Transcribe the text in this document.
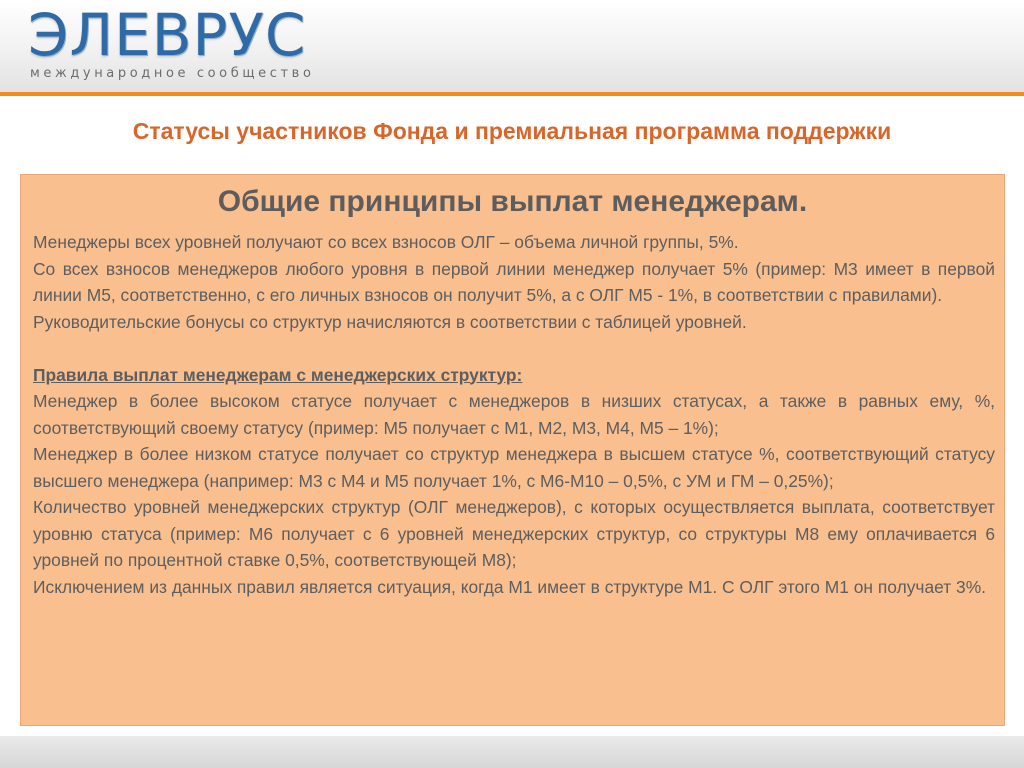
ЭЛЕВРУС
международное сообщество
Статусы участников Фонда и премиальная программа поддержки
Общие принципы выплат менеджерам.

Менеджеры всех уровней получают со всех взносов ОЛГ – объема личной группы, 5%.

Со всех взносов менеджеров любого уровня в первой линии менеджер получает 5% (пример: М3 имеет в первой линии М5, соответственно, с его личных взносов он получит 5%, а с ОЛГ М5 - 1%, в соответствии с правилами).

Руководительские бонусы со структур начисляются в соответствии с таблицей уровней.

Правила выплат менеджерам с менеджерских структур:

Менеджер в более высоком статусе получает с менеджеров в низших статусах, а также в равных ему, %, соответствующий своему статусу (пример: М5 получает с М1, М2, М3, М4, М5 – 1%);

Менеджер в более низком статусе получает со структур менеджера в высшем статусе %, соответствующий статусу высшего менеджера (например: М3 с М4 и М5 получает 1%, с М6-М10 – 0,5%, с УМ и ГМ – 0,25%);

Количество уровней менеджерских структур (ОЛГ менеджеров), с которых осуществляется выплата, соответствует уровню статуса (пример: М6 получает с 6 уровней менеджерских структур, со структуры М8 ему оплачивается 6 уровней по процентной ставке 0,5%, соответствующей М8);

Исключением из данных правил является ситуация, когда М1 имеет в структуре М1. С ОЛГ этого М1 он получает 3%.
